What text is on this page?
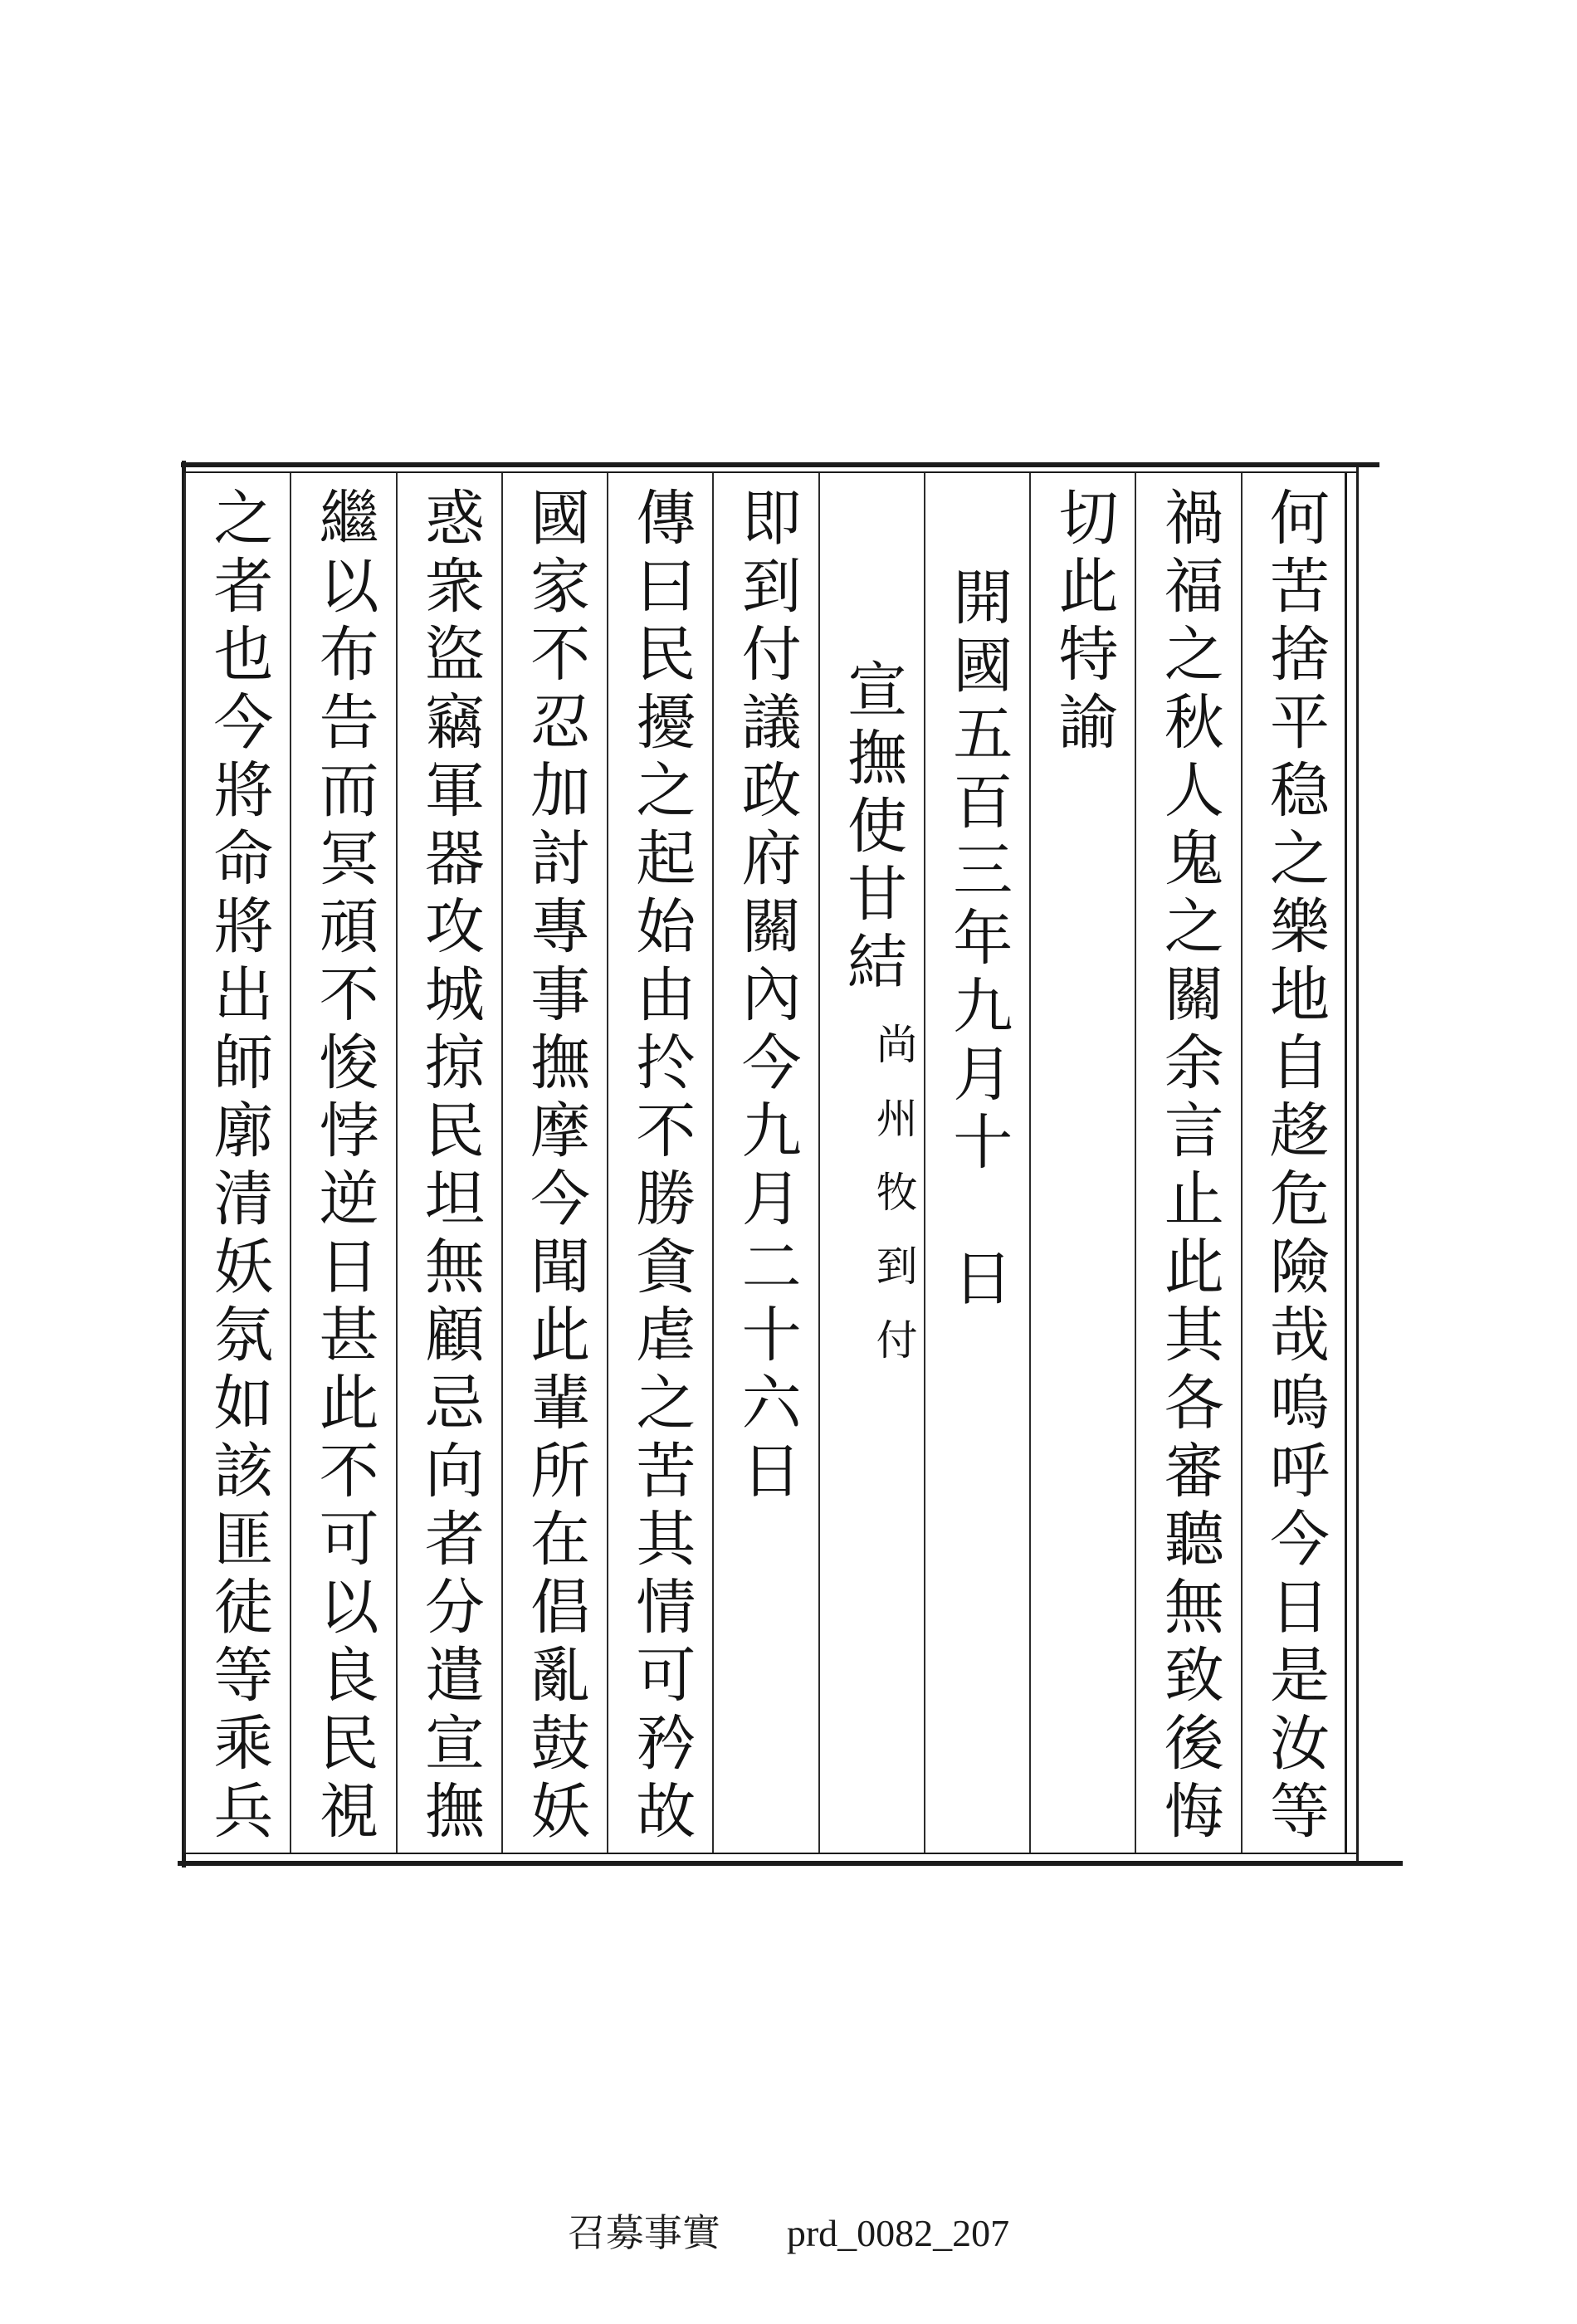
何苦捨平稳之樂地自趍危險哉嗚呼今日是汝等
禍福之秋人鬼之關余言止此其各審聽無致後悔
切此特諭
開國五百三年九月十　日
宣撫使甘結
尚州牧到付
即到付議政府關內今九月二十六日
傳曰民擾之起始由扵不勝貪虐之苦其情可矜故
國家不忍加討專事撫摩今聞此輩所在倡亂鼓妖
惑衆盜竊軍器攻城掠民坦無顧忌向者分遣宣撫
繼以布告而冥頑不悛悖逆日甚此不可以良民視
之者也今將命將出師廓清妖氛如該匪徒等乘兵
召募事實 prd_0082_207
